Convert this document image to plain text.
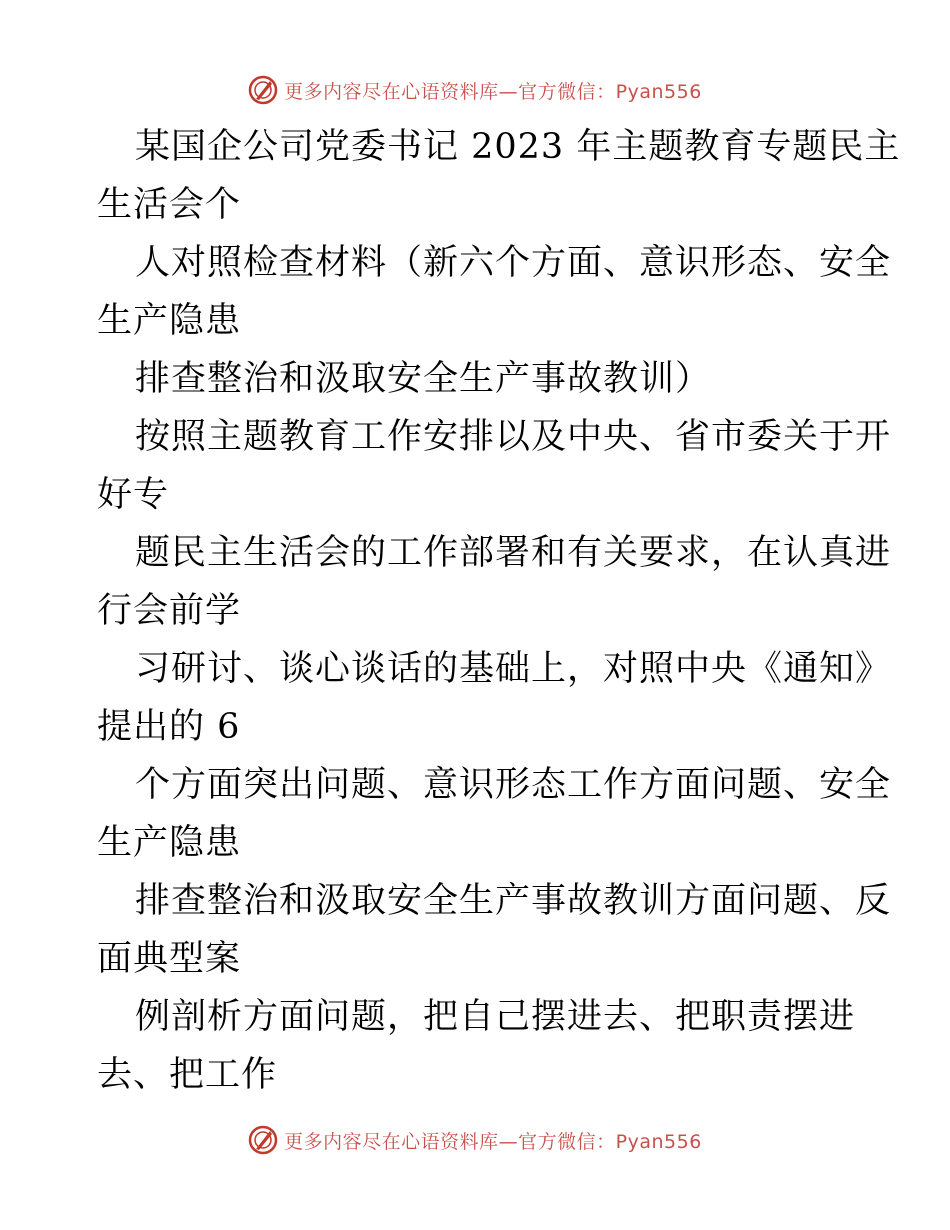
更多内容尽在心语资料库—官方微信：Pyan556
某国企公司党委书记 2023 年主题教育专题民主
生活会个
人对照检查材料（新六个方面、意识形态、安全
生产隐患
排查整治和汲取安全生产事故教训）
按照主题教育工作安排以及中央、省市委关于开
好专
题民主生活会的工作部署和有关要求，在认真进
行会前学
习研讨、谈心谈话的基础上，对照中央《通知》
提出的 6
个方面突出问题、意识形态工作方面问题、安全
生产隐患
排查整治和汲取安全生产事故教训方面问题、反
面典型案
例剖析方面问题，把自己摆进去、把职责摆进
去、把工作
更多内容尽在心语资料库—官方微信：Pyan556
